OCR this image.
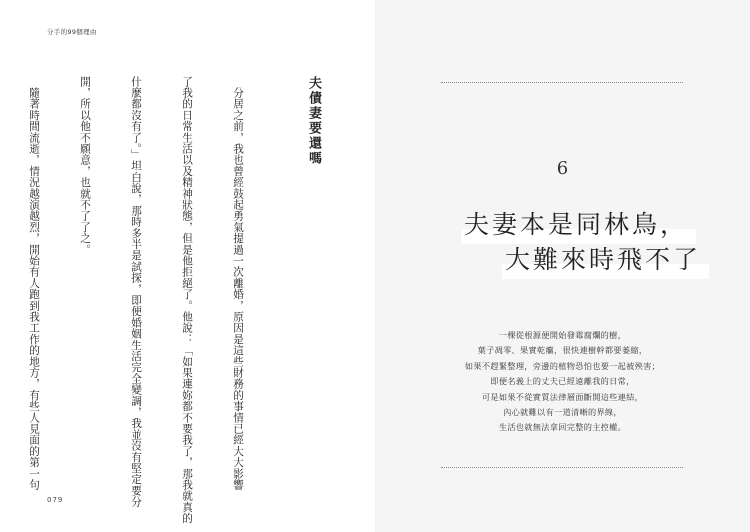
分手的99個理由
夫債妻要還嗎

　分居之前，我也曾經鼓起勇氣提過一次離婚，原因是這些財務的事情已經大大影響

了我的日常生活以及精神狀態，但是他拒絕了。他說：「如果連妳都不要我了，那我就真的

什麼都沒有了。」坦白說，那時多半是試探，即便婚姻生活完全變調，我並沒有堅定要分

開，所以他不願意，也就不了了之。

　隨著時間流逝，情況越演越烈，開始有人跑到我工作的地方，有些人見面的第一句

079
6
夫妻本是同林鳥，
大難來時飛不了
一棵從根源便開始發霉腐爛的樹，
葉子凋零、果實乾癟，很快連樹幹都要萎縮，
如果不趕緊整理，旁邊的植物恐怕也要一起被殃害；
即便名義上的丈夫已經遠離我的日常，
可是如果不從實質法律層面斷開這些連結，
內心就難以有一道清晰的界線，
生活也就無法拿回完整的主控權。
